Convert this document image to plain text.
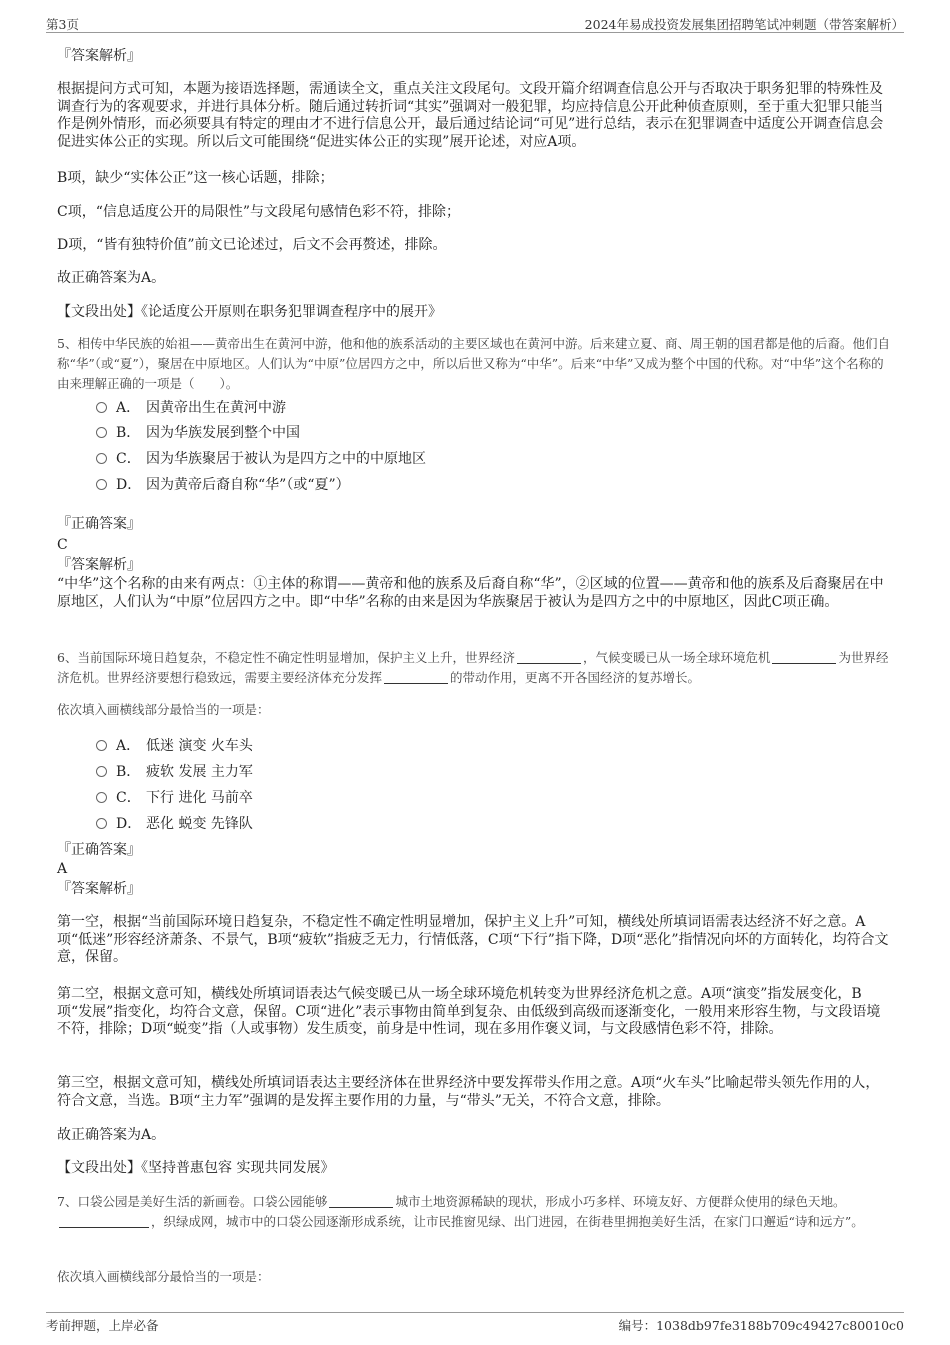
第3页	2024年易成投资发展集团招聘笔试冲刺题（带答案解析）
『答案解析』

根据提问方式可知，本题为接语选择题，需通读全文，重点关注文段尾句。文段开篇介绍调查信息公开与否取决于职务犯罪的特殊性及调查行为的客观要求，并进行具体分析。随后通过转折词“其实”强调对一般犯罪，均应持信息公开此种侦查原则，至于重大犯罪只能当作是例外情形，而必须要具有特定的理由才不进行信息公开，最后通过结论词“可见”进行总结，表示在犯罪调查中适度公开调查信息会促进实体公正的实现。所以后文可能围绕“促进实体公正的实现”展开论述，对应A项。

B项，缺少“实体公正”这一核心话题，排除；

C项，“信息适度公开的局限性”与文段尾句感情色彩不符，排除；

D项，“皆有独特价值”前文已论述过，后文不会再赘述，排除。

故正确答案为A。

【文段出处】《论适度公开原则在职务犯罪调查程序中的展开》

5、相传中华民族的始祖——黄帝出生在黄河中游，他和他的族系活动的主要区域也在黄河中游。后来建立夏、商、周王朝的国君都是他的后裔。他们自称“华”（或“夏”），聚居在中原地区。人们认为“中原”位居四方之中，所以后世又称为“中华”。后来“中华”又成为整个中国的代称。对“中华”这个名称的由来理解正确的一项是（　　）。

A． 因黄帝出生在黄河中游
B． 因为华族发展到整个中国
C． 因为华族聚居于被认为是四方之中的中原地区
D． 因为黄帝后裔自称“华”（或“夏”）
『正确答案』
C
『答案解析』

“中华”这个名称的由来有两点：①主体的称谓——黄帝和他的族系及后裔自称“华”，②区域的位置——黄帝和他的族系及后裔聚居在中原地区，人们认为“中原”位居四方之中。即“中华”名称的由来是因为华族聚居于被认为是四方之中的中原地区，因此C项正确。

6、当前国际环境日趋复杂，不稳定性不确定性明显增加，保护主义上升，世界经济	，气候变暖已从一场全球环境危机	为世界经济危机。世界经济要想行稳致远，需要主要经济体充分发挥	的带动作用，更离不开各国经济的复苏增长。

依次填入画横线部分最恰当的一项是：

A． 低迷 演变 火车头
B． 疲软 发展 主力军
C． 下行 进化 马前卒
D． 恶化 蜕变 先锋队
『正确答案』
A
『答案解析』

第一空，根据“当前国际环境日趋复杂，不稳定性不确定性明显增加，保护主义上升”可知，横线处所填词语需表达经济不好之意。A项“低迷”形容经济萧条、不景气，B项“疲软”指疲乏无力，行情低落，C项“下行”指下降，D项“恶化”指情况向坏的方面转化，均符合文意，保留。

第二空，根据文意可知，横线处所填词语表达气候变暖已从一场全球环境危机转变为世界经济危机之意。A项“演变”指发展变化，B项“发展”指变化，均符合文意，保留。C项“进化”表示事物由简单到复杂、由低级到高级而逐渐变化，一般用来形容生物，与文段语境不符，排除；D项“蜕变”指（人或事物）发生质变，前身是中性词，现在多用作褒义词，与文段感情色彩不符，排除。

第三空，根据文意可知，横线处所填词语表达主要经济体在世界经济中要发挥带头作用之意。A项“火车头”比喻起带头领先作用的人，符合文意，当选。B项“主力军”强调的是发挥主要作用的力量，与“带头”无关，不符合文意，排除。

故正确答案为A。

【文段出处】《坚持普惠包容 实现共同发展》

7、口袋公园是美好生活的新画卷。口袋公园能够	城市土地资源稀缺的现状，形成小巧多样、环境友好、方便群众使用的绿色天地。，织绿成网，城市中的口袋公园逐渐形成系统，让市民推窗见绿、出门进园，在街巷里拥抱美好生活，在家门口邂逅“诗和远方”。

依次填入画横线部分最恰当的一项是：

考前押题，上岸必备	编号：1038db97fe3188b709c49427c80010c0
